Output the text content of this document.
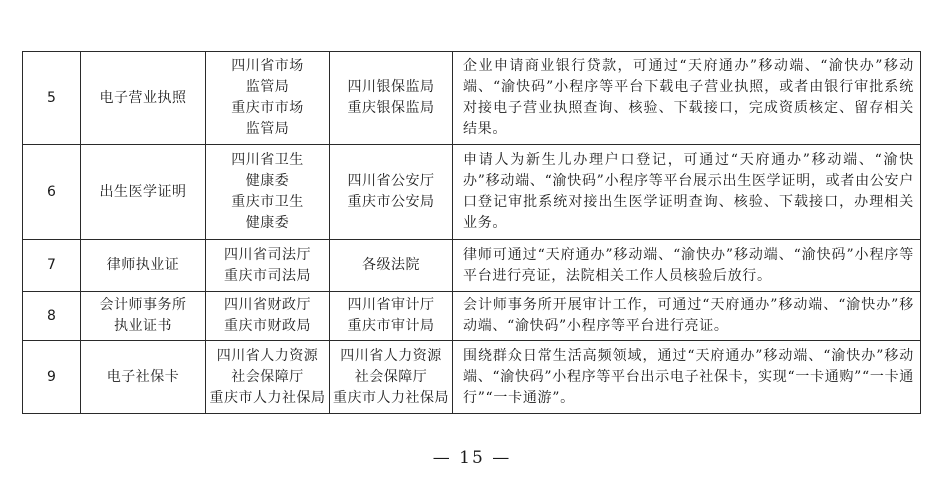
5	电子营业执照	四川省市场
监管局
重庆市市场
监管局	四川银保监局
重庆银保监局	企业申请商业银行贷款，可通过“天府通办”移动端、“渝快办”移动端、“渝快码”小程序等平台下载电子营业执照，或者由银行审批系统对接电子营业执照查询、核验、下载接口，完成资质核定、留存相关结果。
6	出生医学证明	四川省卫生
健康委
重庆市卫生
健康委	四川省公安厅
重庆市公安局	申请人为新生儿办理户口登记，可通过“天府通办”移动端、“渝快办”移动端、“渝快码”小程序等平台展示出生医学证明，或者由公安户口登记审批系统对接出生医学证明查询、核验、下载接口，办理相关业务。
7	律师执业证	四川省司法厅
重庆市司法局	各级法院	律师可通过“天府通办”移动端、“渝快办”移动端、“渝快码”小程序等平台进行亮证，法院相关工作人员核验后放行。
8	会计师事务所
执业证书	四川省财政厅
重庆市财政局	四川省审计厅
重庆市审计局	会计师事务所开展审计工作，可通过“天府通办”移动端、“渝快办”移动端、“渝快码”小程序等平台进行亮证。
9	电子社保卡	四川省人力资源
社会保障厅
重庆市人力社保局	四川省人力资源
社会保障厅
重庆市人力社保局	围绕群众日常生活高频领域，通过“天府通办”移动端、“渝快办”移动端、“渝快码”小程序等平台出示电子社保卡，实现“一卡通购”“一卡通行”“一卡通游”。
— 15 —
